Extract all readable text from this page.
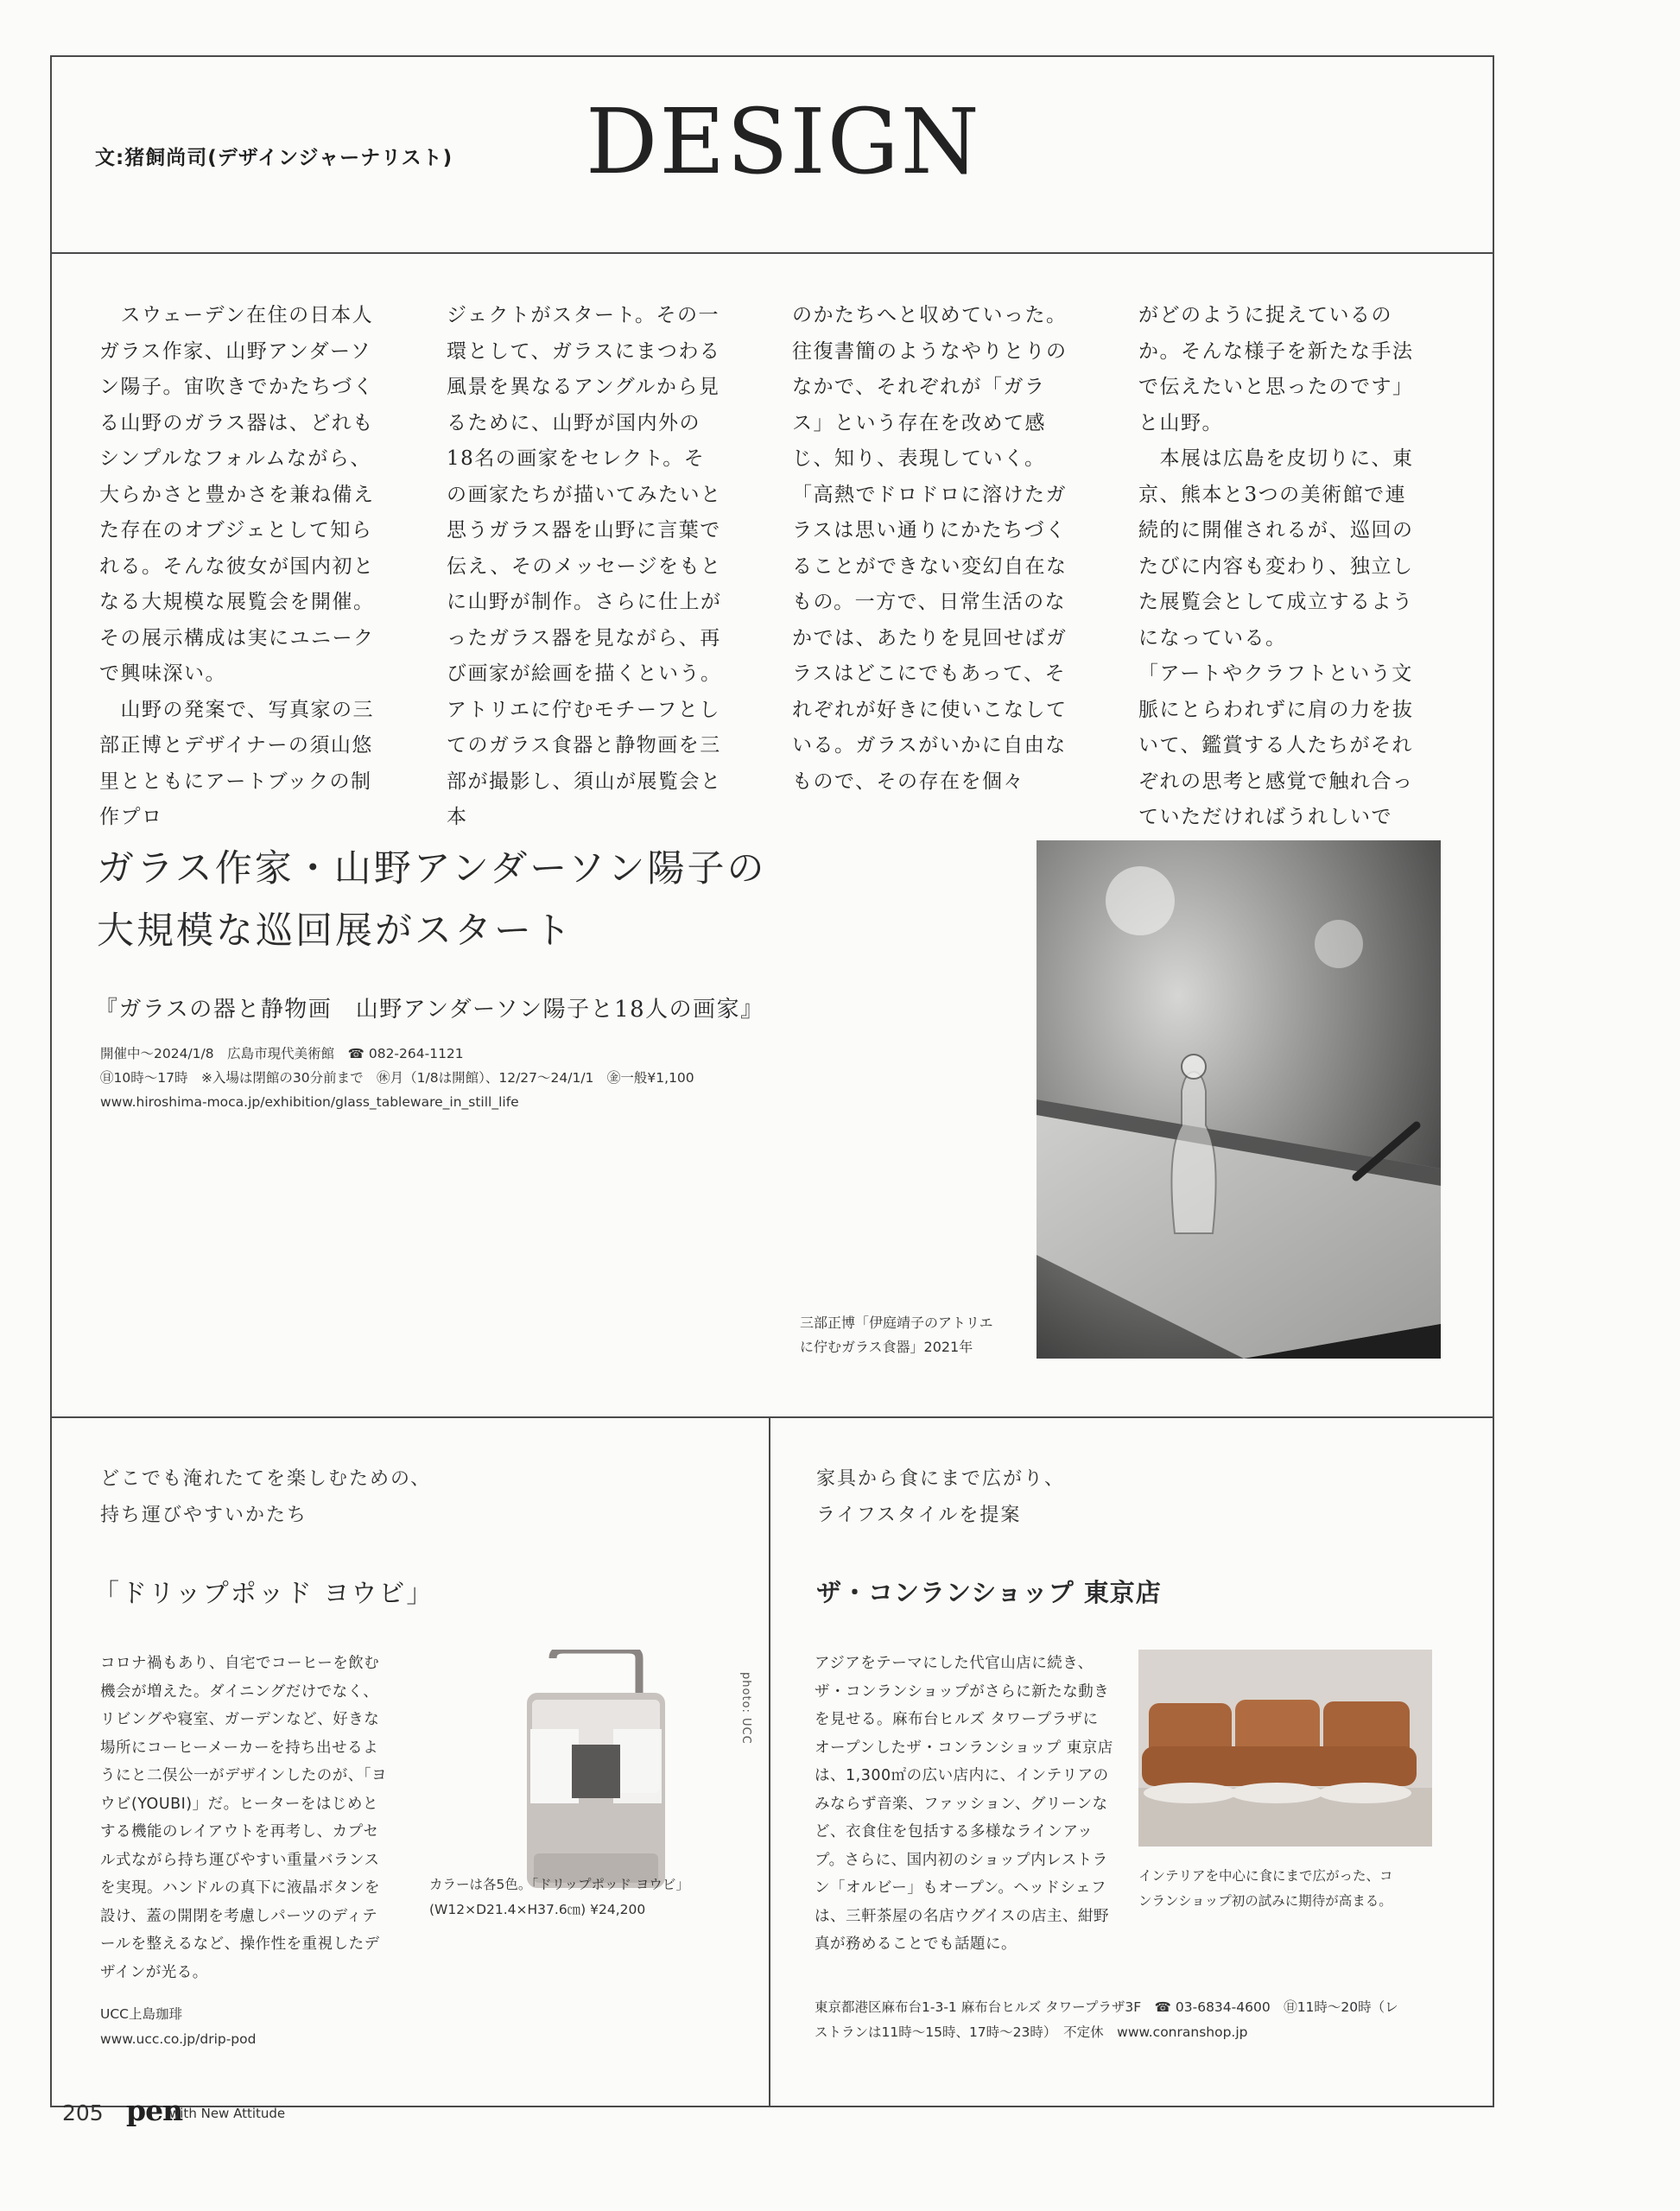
文:猪飼尚司(デザインジャーナリスト) DESIGN
　スウェーデン在住の日本人ガラス作家、山野アンダーソン陽子。宙吹きでかたちづくる山野のガラス器は、どれもシンプルなフォルムながら、大らかさと豊かさを兼ね備えた存在のオブジェとして知られる。そんな彼女が国内初となる大規模な展覧会を開催。その展示構成は実にユニークで興味深い。
　山野の発案で、写真家の三部正博とデザイナーの須山悠里とともにアートブックの制作プロ
ジェクトがスタート。その一環として、ガラスにまつわる風景を異なるアングルから見るために、山野が国内外の18名の画家をセレクト。その画家たちが描いてみたいと思うガラス器を山野に言葉で伝え、そのメッセージをもとに山野が制作。さらに仕上がったガラス器を見ながら、再び画家が絵画を描くという。アトリエに佇むモチーフとしてのガラス食器と静物画を三部が撮影し、須山が展覧会と本
のかたちへと収めていった。往復書簡のようなやりとりのなかで、それぞれが「ガラス」という存在を改めて感じ、知り、表現していく。
「高熱でドロドロに溶けたガラスは思い通りにかたちづくることができない変幻自在なもの。一方で、日常生活のなかでは、あたりを見回せばガラスはどこにでもあって、それぞれが好きに使いこなしている。ガラスがいかに自由なもので、その存在を個々
がどのように捉えているのか。そんな様子を新たな手法で伝えたいと思ったのです」と山野。
　本展は広島を皮切りに、東京、熊本と3つの美術館で連続的に開催されるが、巡回のたびに内容も変わり、独立した展覧会として成立するようになっている。
「アートやクラフトという文脈にとらわれずに肩の力を抜いて、鑑賞する人たちがそれぞれの思考と感覚で触れ合っていただければうれしいで
ガラス作家・山野アンダーソン陽子の
大規模な巡回展がスタート
『ガラスの器と静物画　山野アンダーソン陽子と18人の画家』
開催中〜2024/1/8　広島市現代美術館　☎ 082-264-1121
㊐10時〜17時　※入場は閉館の30分前まで　㊡月（1/8は開館）、12/27〜24/1/1　㊎一般¥1,100
www.hiroshima-moca.jp/exhibition/glass_tableware_in_still_life
三部正博「伊庭靖子のアトリエ
に佇むガラス食器」2021年
どこでも淹れたてを楽しむための、
持ち運びやすいかたち
「ドリップポッド ヨウビ」
コロナ禍もあり、自宅でコーヒーを飲む機会が増えた。ダイニングだけでなく、リビングや寝室、ガーデンなど、好きな場所にコーヒーメーカーを持ち出せるようにと二俣公一がデザインしたのが、「ヨウビ(YOUBI)」だ。ヒーターをはじめとする機能のレイアウトを再考し、カプセル式ながら持ち運びやすい重量バランスを実現。ハンドルの真下に液晶ボタンを設け、蓋の開閉を考慮しパーツのディテールを整えるなど、操作性を重視したデザインが光る。
photo: UCC
カラーは各5色。「ドリップポッド ヨウビ」
(W12×D21.4×H37.6㎝) ¥24,200
UCC上島珈琲
www.ucc.co.jp/drip-pod
家具から食にまで広がり、
ライフスタイルを提案
ザ・コンランショップ 東京店
アジアをテーマにした代官山店に続き、ザ・コンランショップがさらに新たな動きを見せる。麻布台ヒルズ タワープラザにオープンしたザ・コンランショップ 東京店は、1,300㎡の広い店内に、インテリアのみならず音楽、ファッション、グリーンなど、衣食住を包括する多様なラインアップ。さらに、国内初のショップ内レストラン「オルビー」もオープン。ヘッドシェフは、三軒茶屋の名店ウグイスの店主、紺野真が務めることでも話題に。
インテリアを中心に食にまで広がった、コ
ンランショップ初の試みに期待が高まる。
東京都港区麻布台1-3-1 麻布台ヒルズ タワープラザ3F　☎ 03-6834-4600　㊐11時〜20時（レ
ストランは11時〜15時、17時〜23時）　不定休　www.conranshop.jp
205 pen
with New Attitude
